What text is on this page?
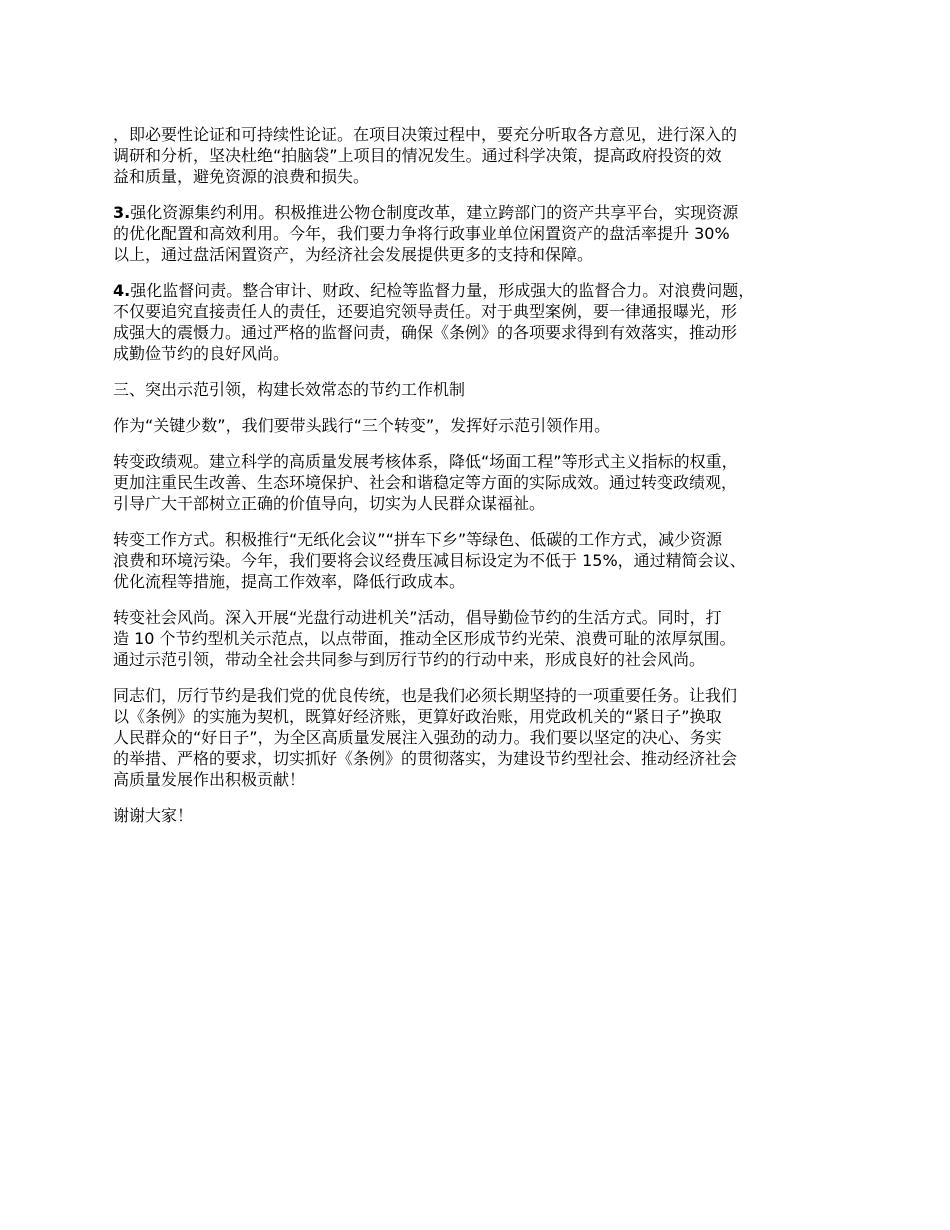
，即必要性论证和可持续性论证。在项目决策过程中，要充分听取各方意见，进行深入的
调研和分析，坚决杜绝“拍脑袋”上项目的情况发生。通过科学决策，提高政府投资的效
益和质量，避免资源的浪费和损失。

3.强化资源集约利用。积极推进公物仓制度改革，建立跨部门的资产共享平台，实现资源
的优化配置和高效利用。今年，我们要力争将行政事业单位闲置资产的盘活率提升 30%
以上，通过盘活闲置资产，为经济社会发展提供更多的支持和保障。

4.强化监督问责。整合审计、财政、纪检等监督力量，形成强大的监督合力。对浪费问题，
不仅要追究直接责任人的责任，还要追究领导责任。对于典型案例，要一律通报曝光，形
成强大的震慑力。通过严格的监督问责，确保《条例》的各项要求得到有效落实，推动形
成勤俭节约的良好风尚。

三、突出示范引领，构建长效常态的节约工作机制

作为“关键少数”，我们要带头践行“三个转变”，发挥好示范引领作用。

转变政绩观。建立科学的高质量发展考核体系，降低“场面工程”等形式主义指标的权重，
更加注重民生改善、生态环境保护、社会和谐稳定等方面的实际成效。通过转变政绩观，
引导广大干部树立正确的价值导向，切实为人民群众谋福祉。

转变工作方式。积极推行“无纸化会议”“拼车下乡”等绿色、低碳的工作方式，减少资源
浪费和环境污染。今年，我们要将会议经费压减目标设定为不低于 15%，通过精简会议、
优化流程等措施，提高工作效率，降低行政成本。

转变社会风尚。深入开展“光盘行动进机关”活动，倡导勤俭节约的生活方式。同时，打
造 10 个节约型机关示范点，以点带面，推动全区形成节约光荣、浪费可耻的浓厚氛围。
通过示范引领，带动全社会共同参与到厉行节约的行动中来，形成良好的社会风尚。

同志们，厉行节约是我们党的优良传统，也是我们必须长期坚持的一项重要任务。让我们
以《条例》的实施为契机，既算好经济账，更算好政治账，用党政机关的“紧日子”换取
人民群众的“好日子”，为全区高质量发展注入强劲的动力。我们要以坚定的决心、务实
的举措、严格的要求，切实抓好《条例》的贯彻落实，为建设节约型社会、推动经济社会
高质量发展作出积极贡献！

谢谢大家！
